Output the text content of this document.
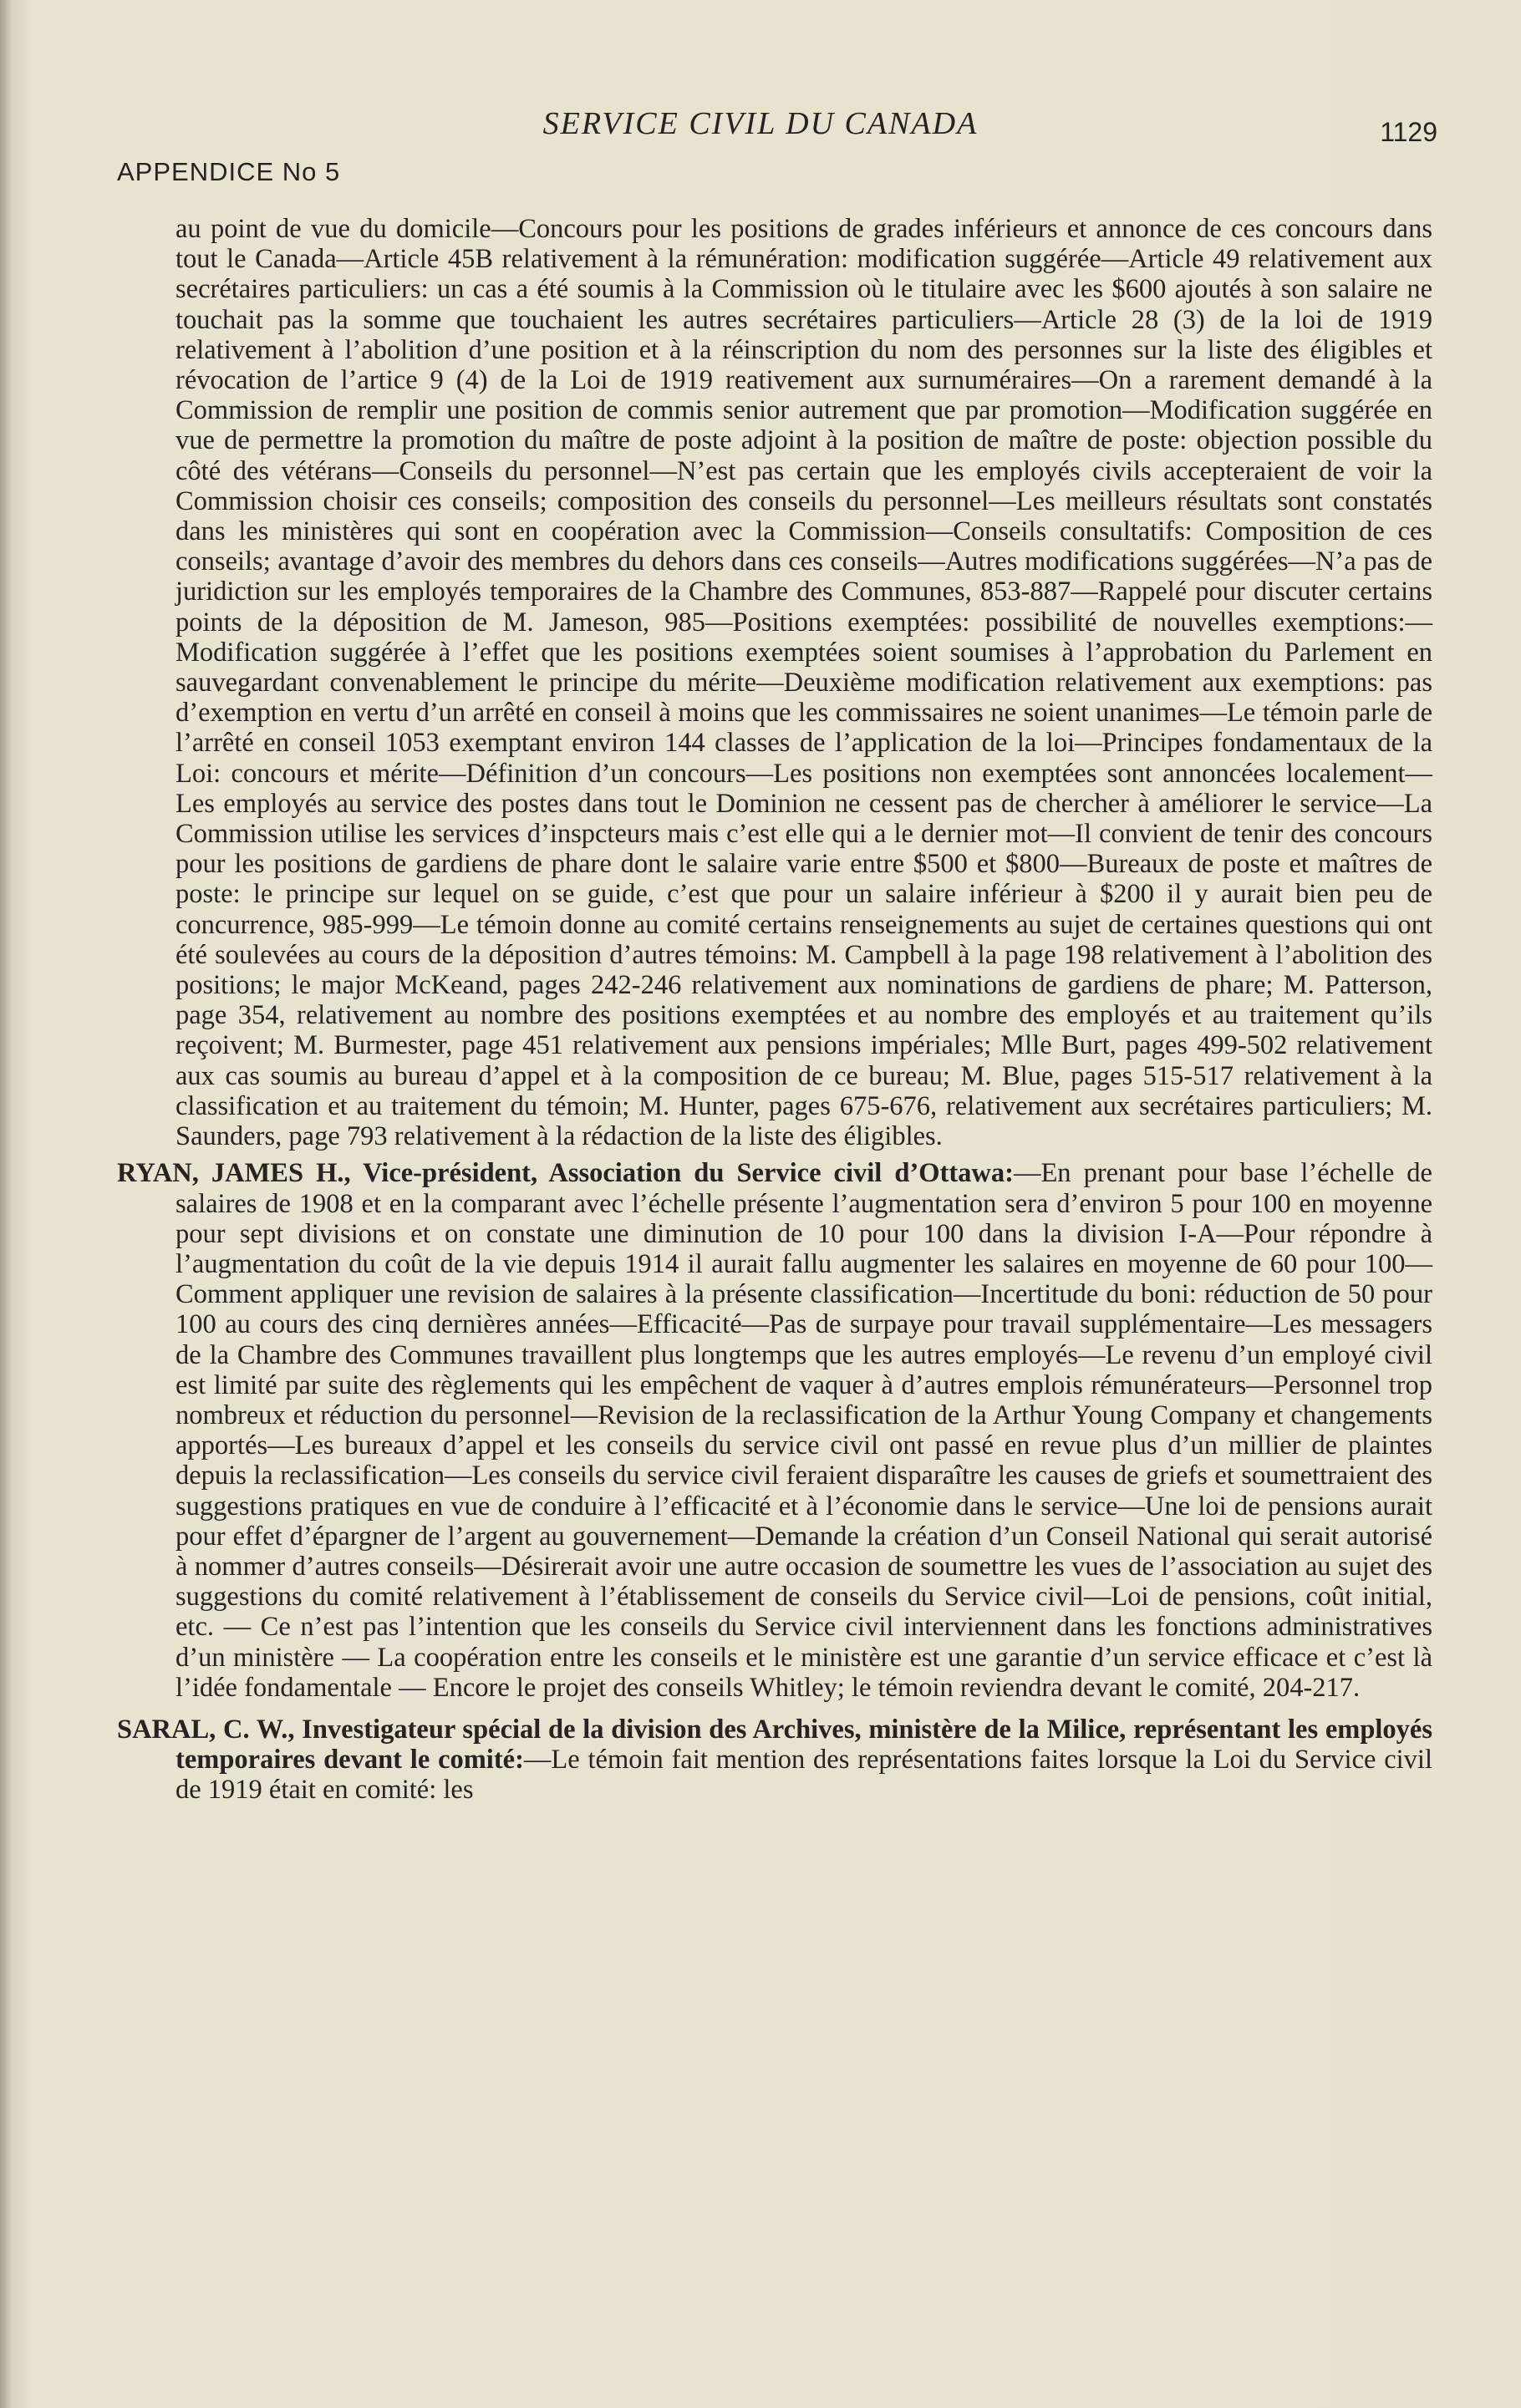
SERVICE CIVIL DU CANADA	1129
APPENDICE No 5

au point de vue du domicile—Concours pour les positions de grades inférieurs et annonce de ces concours dans tout le Canada—Article 45B relativement à la rémunération: modification suggérée—Article 49 relativement aux secrétaires particuliers: un cas a été soumis à la Commission où le titulaire avec les $600 ajoutés à son salaire ne touchait pas la somme que touchaient les autres secrétaires particuliers—Article 28 (3) de la loi de 1919 relativement à l’abolition d’une position et à la réinscription du nom des personnes sur la liste des éligibles et révocation de l’artice 9 (4) de la Loi de 1919 reativement aux surnuméraires—On a rarement demandé à la Commission de remplir une position de commis senior autrement que par promotion—Modification suggérée en vue de permettre la promotion du maître de poste adjoint à la position de maître de poste: objection possible du côté des vétérans—Conseils du personnel—N’est pas certain que les employés civils accepteraient de voir la Commission choisir ces conseils; composition des conseils du personnel—Les meilleurs résultats sont constatés dans les ministères qui sont en coopération avec la Commission—Conseils consultatifs: Composition de ces conseils; avantage d’avoir des membres du dehors dans ces conseils—Autres modifications suggérées—N’a pas de juridiction sur les employés temporaires de la Chambre des Communes, 853-887—Rappelé pour discuter certains points de la déposition de M. Jameson, 985—Positions exemptées: possibilité de nouvelles exemptions:—Modification suggérée à l’effet que les positions exemptées soient soumises à l’approbation du Parlement en sauvegardant convenablement le principe du mérite—Deuxième modification relativement aux exemptions: pas d’exemption en vertu d’un arrêté en conseil à moins que les commissaires ne soient unanimes—Le témoin parle de l’arrêté en conseil 1053 exemptant environ 144 classes de l’application de la loi—Principes fondamentaux de la Loi: concours et mérite—Définition d’un concours—Les positions non exemptées sont annoncées localement—Les employés au service des postes dans tout le Dominion ne cessent pas de chercher à améliorer le service—La Commission utilise les services d’inspcteurs mais c’est elle qui a le dernier mot—Il convient de tenir des concours pour les positions de gardiens de phare dont le salaire varie entre $500 et $800—Bureaux de poste et maîtres de poste: le principe sur lequel on se guide, c’est que pour un salaire inférieur à $200 il y aurait bien peu de concurrence, 985-999—Le témoin donne au comité certains renseignements au sujet de certaines questions qui ont été soulevées au cours de la déposition d’autres témoins: M. Campbell à la page 198 relativement à l’abolition des positions; le major McKeand, pages 242-246 relativement aux nominations de gardiens de phare; M. Patterson, page 354, relativement au nombre des positions exemptées et au nombre des employés et au traitement qu’ils reçoivent; M. Burmester, page 451 relativement aux pensions impériales; Mlle Burt, pages 499-502 relativement aux cas soumis au bureau d’appel et à la composition de ce bureau; M. Blue, pages 515-517 relativement à la classification et au traitement du témoin; M. Hunter, pages 675-676, relativement aux secrétaires particuliers; M. Saunders, page 793 relativement à la rédaction de la liste des éligibles.

RYAN, JAMES H., Vice-président, Association du Service civil d’Ottawa:—En prenant pour base l’échelle de salaires de 1908 et en la comparant avec l’échelle présente l’augmentation sera d’environ 5 pour 100 en moyenne pour sept divisions et on constate une diminution de 10 pour 100 dans la division I-A—Pour répondre à l’augmentation du coût de la vie depuis 1914 il aurait fallu augmenter les salaires en moyenne de 60 pour 100—Comment appliquer une revision de salaires à la présente classification—Incertitude du boni: réduction de 50 pour 100 au cours des cinq dernières années—Efficacité—Pas de surpaye pour travail supplémentaire—Les messagers de la Chambre des Communes travaillent plus longtemps que les autres employés—Le revenu d’un employé civil est limité par suite des règlements qui les empêchent de vaquer à d’autres emplois rémunérateurs—Personnel trop nombreux et réduction du personnel—Revision de la reclassification de la Arthur Young Company et changements apportés—Les bureaux d’appel et les conseils du service civil ont passé en revue plus d’un millier de plaintes depuis la reclassification—Les conseils du service civil feraient disparaître les causes de griefs et soumettraient des suggestions pratiques en vue de conduire à l’efficacité et à l’économie dans le service—Une loi de pensions aurait pour effet d’épargner de l’argent au gouvernement—Demande la création d’un Conseil National qui serait autorisé à nommer d’autres conseils—Désirerait avoir une autre occasion de soumettre les vues de l’association au sujet des suggestions du comité relativement à l’établissement de conseils du Service civil—Loi de pensions, coût initial, etc. — Ce n’est pas l’intention que les conseils du Service civil interviennent dans les fonctions administratives d’un ministère — La coopération entre les conseils et le ministère est une garantie d’un service efficace et c’est là l’idée fondamentale — Encore le projet des conseils Whitley; le témoin reviendra devant le comité, 204-217.

SARAL, C. W., Investigateur spécial de la division des Archives, ministère de la Milice, représentant les employés temporaires devant le comité:—Le témoin fait mention des représentations faites lorsque la Loi du Service civil de 1919 était en comité: les
